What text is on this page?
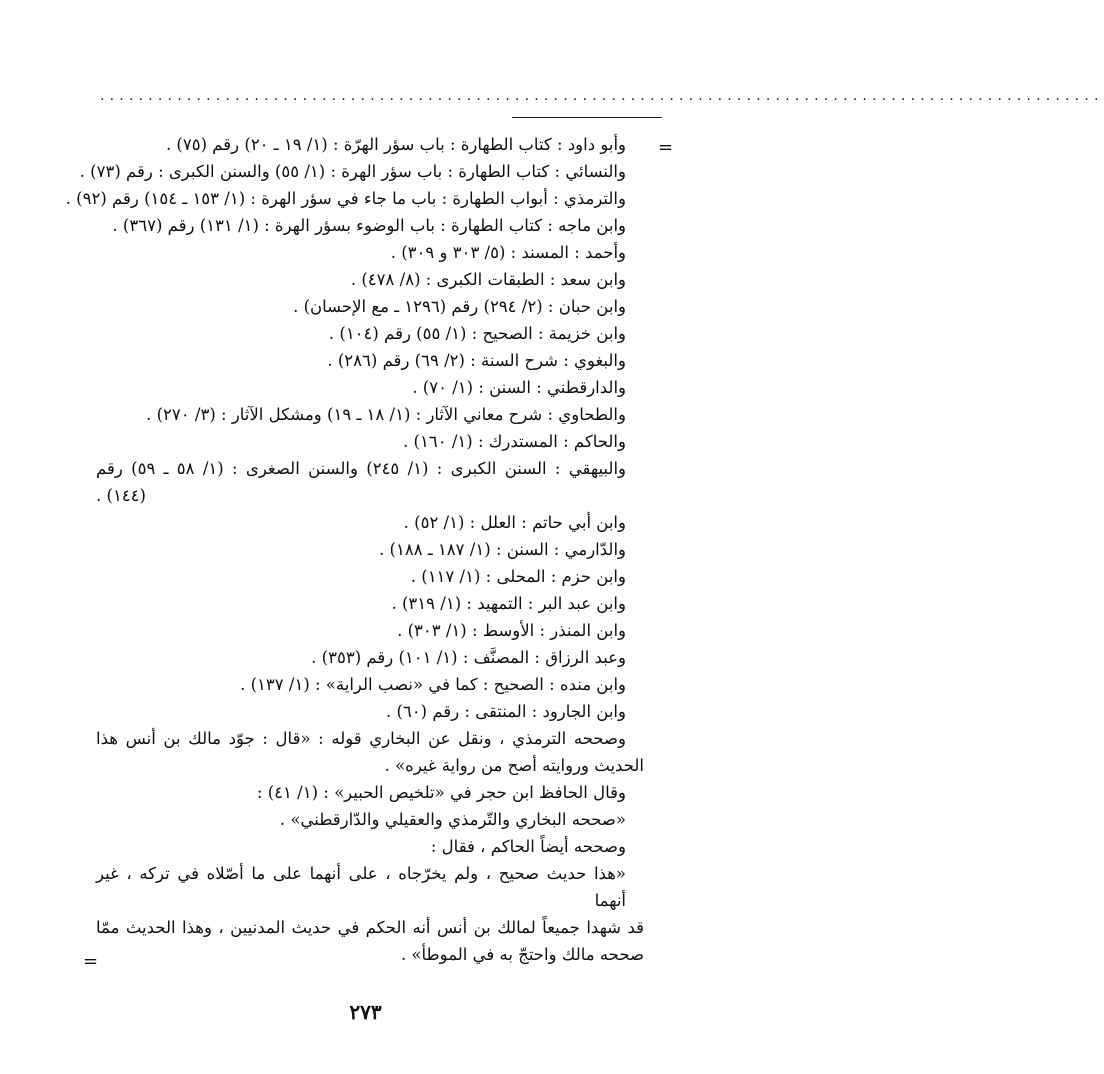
........................................................................................................
=
وأبو داود : كتاب الطهارة : باب سؤر الهرّة : (١/ ١٩ ـ ٢٠) رقم (٧٥) .
والنسائي : كتاب الطهارة : باب سؤر الهرة : (١/ ٥٥) والسنن الكبرى : رقم (٧٣) .
والترمذي : أبواب الطهارة : باب ما جاء في سؤر الهرة : (١/ ١٥٣ ـ ١٥٤) رقم (٩٢) .
وابن ماجه : كتاب الطهارة : باب الوضوء بسؤر الهرة : (١/ ١٣١) رقم (٣٦٧) .
وأحمد : المسند : (٥/ ٣٠٣ و ٣٠٩) .
وابن سعد : الطبقات الكبرى : (٨/ ٤٧٨) .
وابن حبان : (٢/ ٢٩٤) رقم (١٢٩٦ ـ مع الإحسان) .
وابن خزيمة : الصحيح : (١/ ٥٥) رقم (١٠٤) .
والبغوي : شرح السنة : (٢/ ٦٩) رقم (٢٨٦) .
والدارقطني : السنن : (١/ ٧٠) .
والطحاوي : شرح معاني الآثار : (١/ ١٨ ـ ١٩) ومشكل الآثار : (٣/ ٢٧٠) .
والحاكم : المستدرك : (١/ ١٦٠) .
والبيهقي : السنن الكبرى : (١/ ٢٤٥) والسنن الصغرى : (١/ ٥٨ ـ ٥٩) رقم
(١٤٤) .
وابن أبي حاتم : العلل : (١/ ٥٢) .
والدّارمي : السنن : (١/ ١٨٧ ـ ١٨٨) .
وابن حزم : المحلى : (١/ ١١٧) .
وابن عبد البر : التمهيد : (١/ ٣١٩) .
وابن المنذر : الأوسط : (١/ ٣٠٣) .
وعبد الرزاق : المصنَّف : (١/ ١٠١) رقم (٣٥٣) .
وابن منده : الصحيح : كما في «نصب الراية» : (١/ ١٣٧) .
وابن الجارود : المنتقى : رقم (٦٠) .
وصححه الترمذي ، ونقل عن البخاري قوله : «قال : جوّد مالك بن أنس هذا
الحديث وروايته أصح من رواية غيره» .
وقال الحافظ ابن حجر في «تلخيص الحبير» : (١/ ٤١) :
«صححه البخاري والتّرمذي والعقيلي والدّارقطني» .
وصححه أيضاً الحاكم ، فقال :
«هذا حديث صحيح ، ولم يخرّجاه ، على أنهما على ما أصّلاه في تركه ، غير أنهما
قد شهدا جميعاً لمالك بن أنس أنه الحكم في حديث المدنيين ، وهذا الحديث ممّا
صححه مالك واحتجّ به في الموطأ» .
=
٢٧٣
